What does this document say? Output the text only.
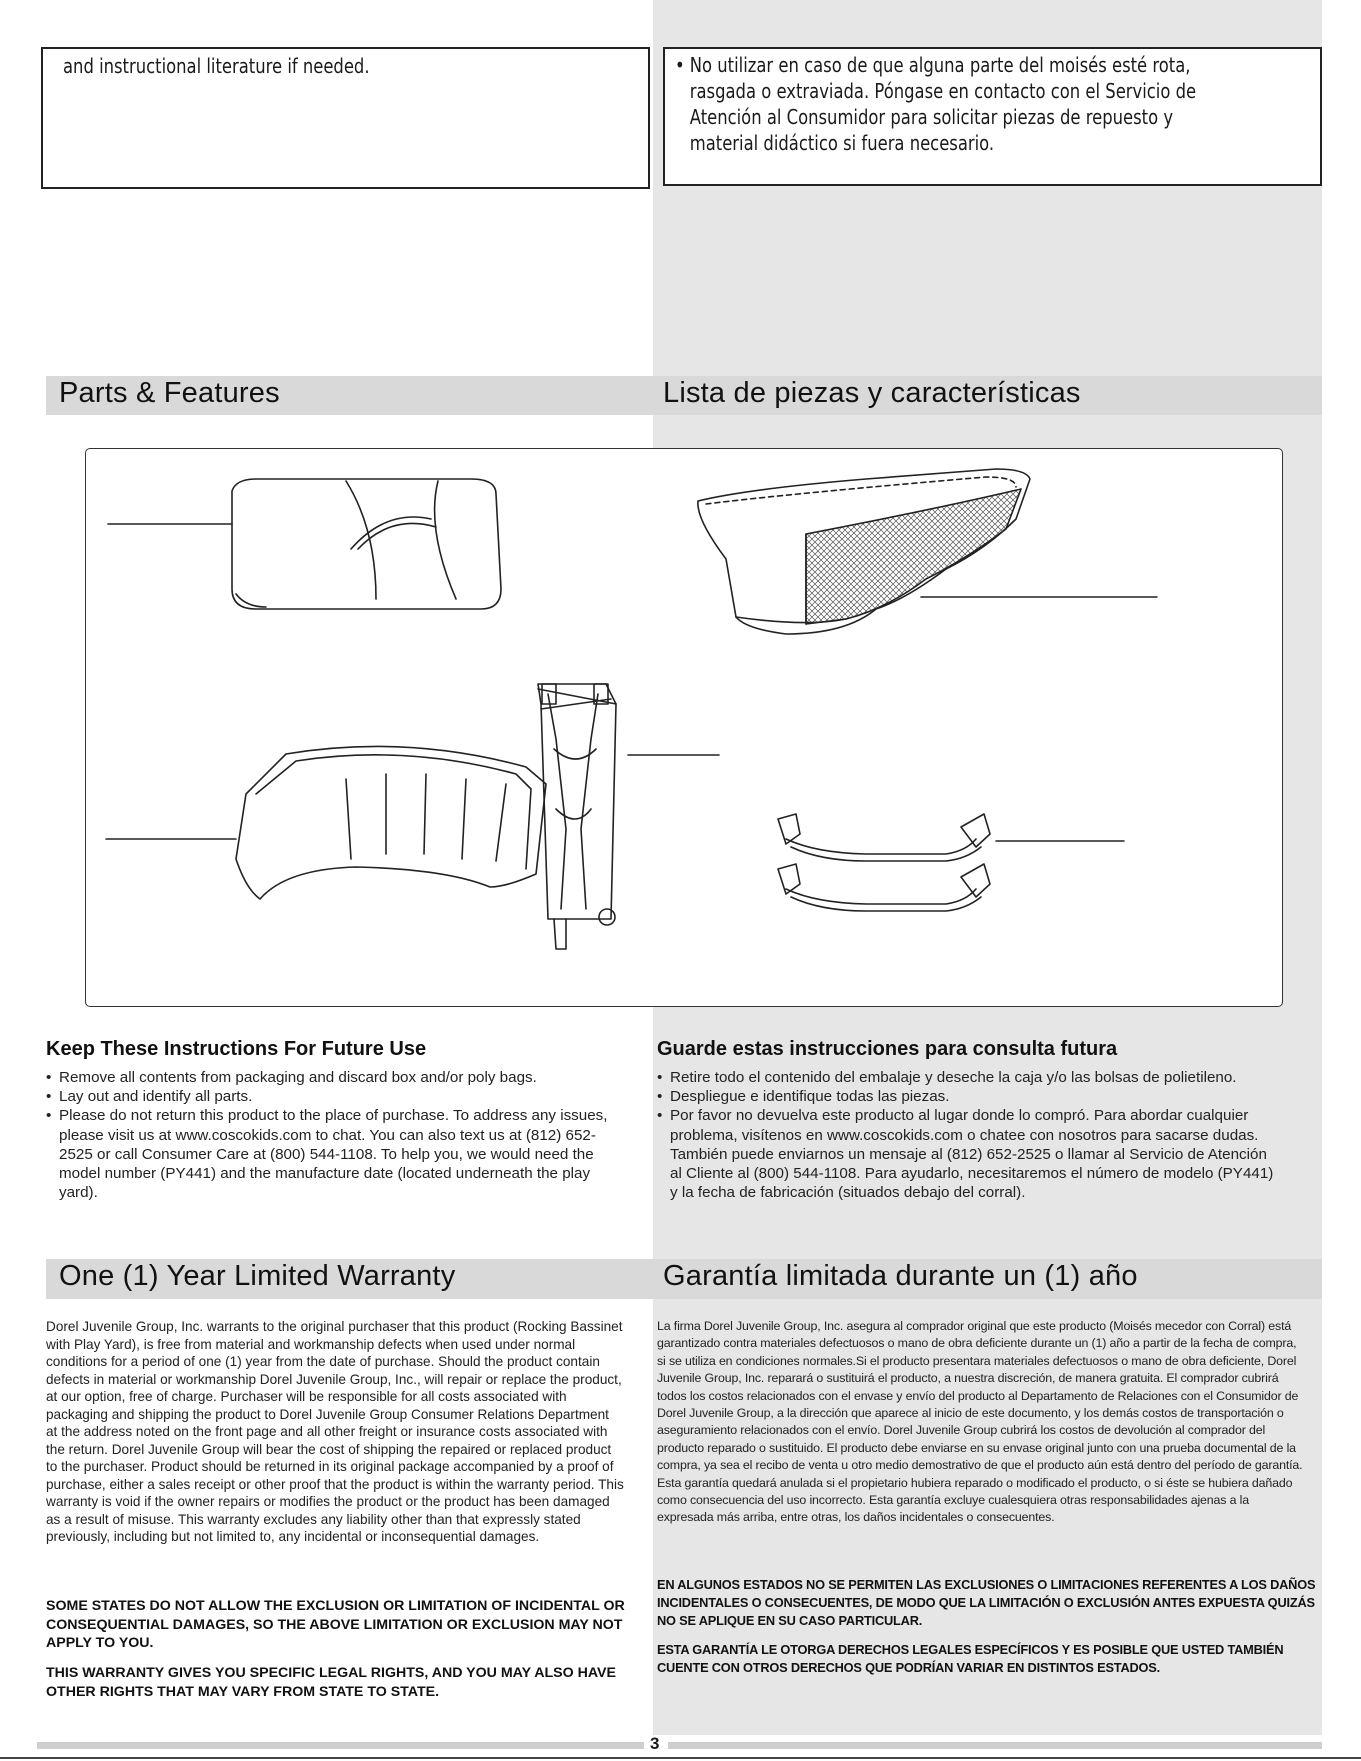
and instructional literature if needed.	• No utilizar en caso de que alguna parte del moisés esté rota,
rasgada o extraviada. Póngase en contacto con el Servicio de
Atención al Consumidor para solicitar piezas de repuesto y
material didáctico si fuera necesario.
Parts & Features	Lista de piezas y características
Keep These Instructions For Future Use
• Remove all contents from packaging and discard box and/or poly bags.
• Lay out and identify all parts.
• Please do not return this product to the place of purchase. To address any issues, please visit us at www.coscokids.com to chat. You can also text us at (812) 652-2525 or call Consumer Care at (800) 544-1108. To help you, we would need the model number (PY441) and the manufacture date (located underneath the play yard).
Guarde estas instrucciones para consulta futura
• Retire todo el contenido del embalaje y deseche la caja y/o las bolsas de polietileno.
• Despliegue e identifique todas las piezas.
• Por favor no devuelva este producto al lugar donde lo compró. Para abordar cualquier problema, visítenos en www.coscokids.com o chatee con nosotros para sacarse dudas. También puede enviarnos un mensaje al (812) 652-2525 o llamar al Servicio de Atención al Cliente al (800) 544-1108. Para ayudarlo, necesitaremos el número de modelo (PY441) y la fecha de fabricación (situados debajo del corral).
One (1) Year Limited Warranty	Garantía limitada durante un (1) año
Dorel Juvenile Group, Inc. warrants to the original purchaser that this product (Rocking Bassinet with Play Yard), is free from material and workmanship defects when used under normal conditions for a period of one (1) year from the date of purchase. Should the product contain defects in material or workmanship Dorel Juvenile Group, Inc., will repair or replace the product, at our option, free of charge. Purchaser will be responsible for all costs associated with packaging and shipping the product to Dorel Juvenile Group Consumer Relations Department at the address noted on the front page and all other freight or insurance costs associated with the return. Dorel Juvenile Group will bear the cost of shipping the repaired or replaced product to the purchaser. Product should be returned in its original package accompanied by a proof of purchase, either a sales receipt or other proof that the product is within the warranty period. This warranty is void if the owner repairs or modifies the product or the product has been damaged as a result of misuse. This warranty excludes any liability other than that expressly stated previously, including but not limited to, any incidental or inconsequential damages.
SOME STATES DO NOT ALLOW THE EXCLUSION OR LIMITATION OF INCIDENTAL OR CONSEQUENTIAL DAMAGES, SO THE ABOVE LIMITATION OR EXCLUSION MAY NOT APPLY TO YOU.
THIS WARRANTY GIVES YOU SPECIFIC LEGAL RIGHTS, AND YOU MAY ALSO HAVE OTHER RIGHTS THAT MAY VARY FROM STATE TO STATE.
La firma Dorel Juvenile Group, Inc. asegura al comprador original que este producto (Moisés mecedor con Corral) está garantizado contra materiales defectuosos o mano de obra deficiente durante un (1) año a partir de la fecha de compra, si se utiliza en condiciones normales.Si el producto presentara materiales defectuosos o mano de obra deficiente, Dorel Juvenile Group, Inc. reparará o sustituirá el producto, a nuestra discreción, de manera gratuita. El comprador cubrirá todos los costos relacionados con el envase y envío del producto al Departamento de Relaciones con el Consumidor de Dorel Juvenile Group, a la dirección que aparece al inicio de este documento, y los demás costos de transportación o aseguramiento relacionados con el envío. Dorel Juvenile Group cubrirá los costos de devolución al comprador del producto reparado o sustituido. El producto debe enviarse en su envase original junto con una prueba documental de la compra, ya sea el recibo de venta u otro medio demostrativo de que el producto aún está dentro del período de garantía. Esta garantía quedará anulada si el propietario hubiera reparado o modificado el producto, o si éste se hubiera dañado como consecuencia del uso incorrecto. Esta garantía excluye cualesquiera otras responsabilidades ajenas a la expresada más arriba, entre otras, los daños incidentales o consecuentes.
EN ALGUNOS ESTADOS NO SE PERMITEN LAS EXCLUSIONES O LIMITACIONES REFERENTES A LOS DAÑOS INCIDENTALES O CONSECUENTES, DE MODO QUE LA LIMITACIÓN O EXCLUSIÓN ANTES EXPUESTA QUIZÁS NO SE APLIQUE EN SU CASO PARTICULAR.
ESTA GARANTÍA LE OTORGA DERECHOS LEGALES ESPECÍFICOS Y ES POSIBLE QUE USTED TAMBIÉN CUENTE CON OTROS DERECHOS QUE PODRÍAN VARIAR EN DISTINTOS ESTADOS.
3
